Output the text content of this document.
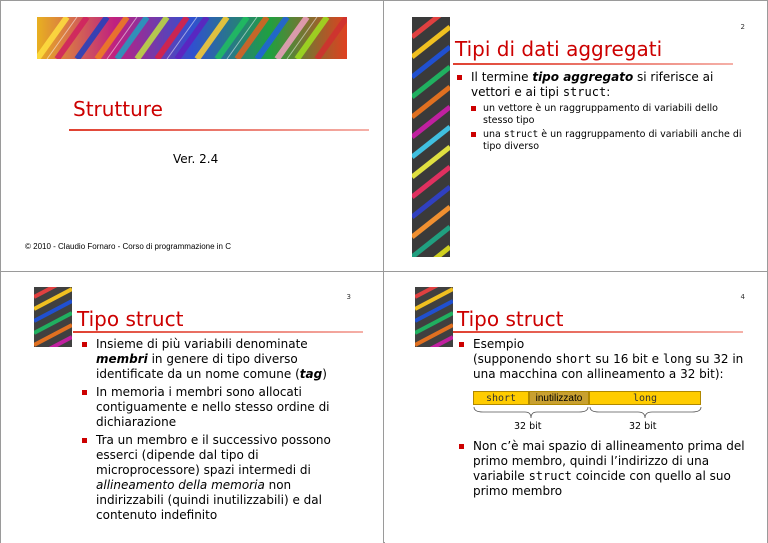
Strutture
Ver. 2.4
© 2010 - Claudio Fornaro - Corso di programmazione in C
2
Tipi di dati aggregati
Il termine tipo aggregato si riferisce ai vettori e ai tipi struct:
un vettore è un raggruppamento di variabili dello stesso tipo
una struct è un raggruppamento di variabili anche di tipo diverso
3
Tipo struct
Insieme di più variabili denominate membri in genere di tipo diverso identificate da un nome comune (tag)
In memoria i membri sono allocati contiguamente e nello stesso ordine di dichiarazione
Tra un membro e il successivo possono esserci (dipende dal tipo di microprocessore) spazi intermedi di allineamento della memoria non indirizzabili (quindi inutilizzabili) e dal contenuto indefinito
4
Tipo struct
Esempio
(supponendo short su 16 bit e long su 32 in una macchina con allineamento a 32 bit):
short	inutilizzato	long
32 bit	32 bit
Non c’è mai spazio di allineamento prima del primo membro, quindi l’indirizzo di una variabile struct coincide con quello al suo primo membro
